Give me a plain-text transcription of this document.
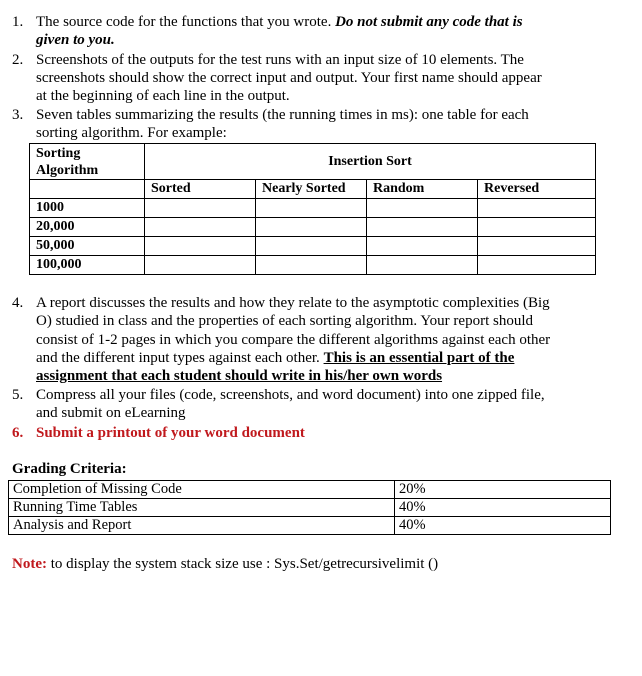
1. The source code for the functions that you wrote. Do not submit any code that is
given to you.
2. Screenshots of the outputs for the test runs with an input size of 10 elements. The
screenshots should show the correct input and output. Your first name should appear
at the beginning of each line in the output.
3. Seven tables summarizing the results (the running times in ms): one table for each
sorting algorithm. For example:
Sorting
Algorithm	Insertion Sort			
	Sorted	Nearly Sorted	Random	Reversed
1000				
20,000				
50,000				
100,000				
4. A report discusses the results and how they relate to the asymptotic complexities (Big
O) studied in class and the properties of each sorting algorithm. Your report should
consist of 1-2 pages in which you compare the different algorithms against each other
and the different input types against each other. This is an essential part of the
assignment that each student should write in his/her own words
5. Compress all your files (code, screenshots, and word document) into one zipped file,
and submit on eLearning
6. Submit a printout of your word document
Grading Criteria:
Completion of Missing Code	20%
Running Time Tables	40%
Analysis and Report	40%
Note: to display the system stack size use : Sys.Set/getrecursivelimit ()
